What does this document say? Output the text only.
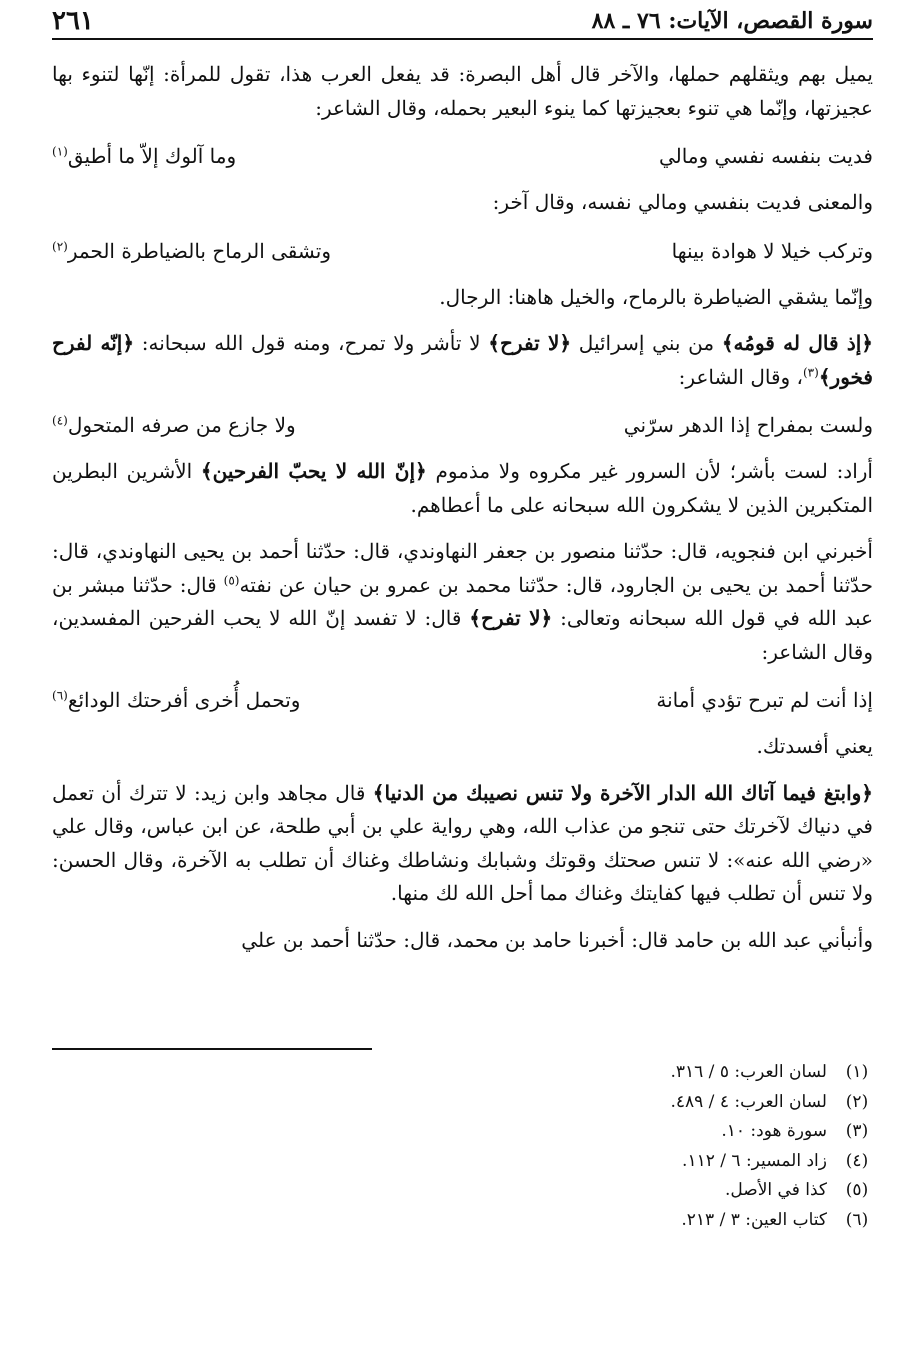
سورة القصص، الآيات: ٧٦ ـ ٨٨
٢٦١

يميل بهم ويثقلهم حملها، والآخر قال أهل البصرة: قد يفعل العرب هذا، تقول للمرأة: إنّها لتنوء بها عجيزتها، وإنّما هي تنوء بعجيزتها كما ينوء البعير بحمله، وقال الشاعر:

فديت بنفسه نفسي ومالي
وما آلوك إلاّ ما أطيق$^{(١)}$

والمعنى فديت بنفسي ومالي نفسه، وقال آخر:

وتركب خيلا لا هوادة بينها
وتشقى الرماح بالضياطرة الحمر$^{(٢)}$

وإنّما يشقي الضياطرة بالرماح، والخيل هاهنا: الرجال.

﴿إذ قال له قومُه﴾ من بني إسرائيل ﴿لا تفرح﴾ لا تأشر ولا تمرح، ومنه قول الله سبحانه: ﴿إنّه لفرح فخور﴾$^{(٣)}$، وقال الشاعر:

ولست بمفراح إذا الدهر سرّني
ولا جازع من صرفه المتحول$^{(٤)}$

أراد: لست بأشر؛ لأن السرور غير مكروه ولا مذموم ﴿إنّ الله لا يحبّ الفرحين﴾ الأشرين البطرين المتكبرين الذين لا يشكرون الله سبحانه على ما أعطاهم.

أخبرني ابن فنجويه، قال: حدّثنا منصور بن جعفر النهاوندي، قال: حدّثنا أحمد بن يحيى النهاوندي، قال: حدّثنا أحمد بن يحيى بن الجارود، قال: حدّثنا محمد بن عمرو بن حيان عن نفته$^{(٥)}$ قال: حدّثنا مبشر بن عبد الله في قول الله سبحانه وتعالى: ﴿لا تفرح﴾ قال: لا تفسد إنّ الله لا يحب الفرحين المفسدين، وقال الشاعر:

إذا أنت لم تبرح تؤدي أمانة
وتحمل أُخرى أفرحتك الودائع$^{(٦)}$

يعني أفسدتك.

﴿وابتغ فيما آتاك الله الدار الآخرة ولا تنس نصيبك من الدنيا﴾ قال مجاهد وابن زيد: لا تترك أن تعمل في دنياك لآخرتك حتى تنجو من عذاب الله، وهي رواية علي بن أبي طلحة، عن ابن عباس، وقال علي «رضي الله عنه»: لا تنس صحتك وقوتك وشبابك ونشاطك وغناك أن تطلب به الآخرة، وقال الحسن: ولا تنس أن تطلب فيها كفايتك وغناك مما أحل الله لك منها.

وأنبأني عبد الله بن حامد قال: أخبرنا حامد بن محمد، قال: حدّثنا أحمد بن علي

(١)
لسان العرب: ٥ / ٣١٦.
(٢)
لسان العرب: ٤ / ٤٨٩.
(٣)
سورة هود: ١٠.
(٤)
زاد المسير: ٦ / ١١٢.
(٥)
كذا في الأصل.
(٦)
كتاب العين: ٣ / ٢١٣.
